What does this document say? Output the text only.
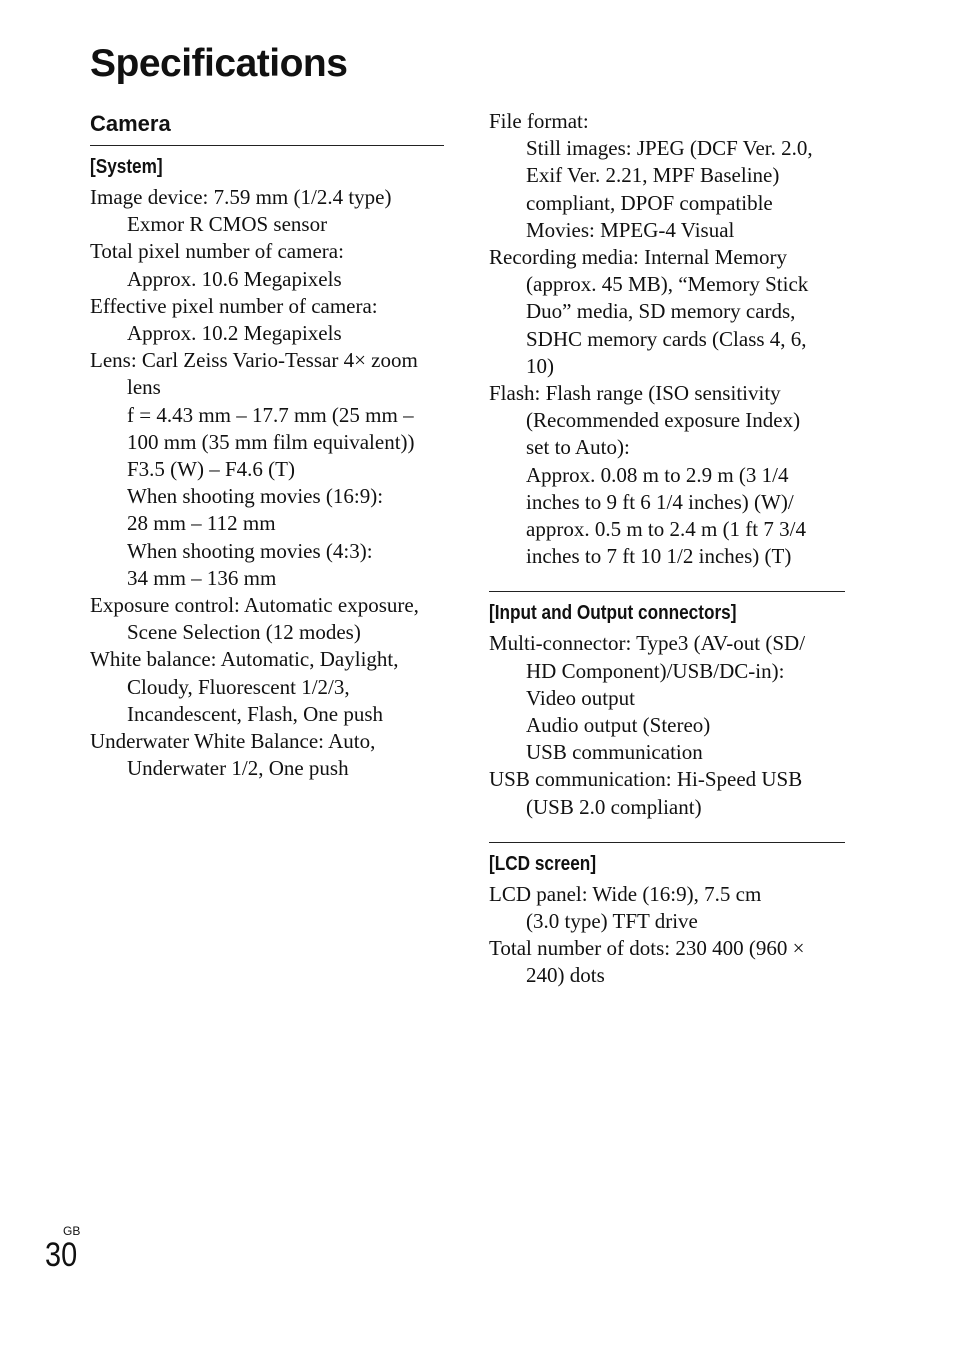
Specifications
Camera
[System]
Image device: 7.59 mm (1/2.4 type)
Exmor R CMOS sensor
Total pixel number of camera:
Approx. 10.6 Megapixels
Effective pixel number of camera:
Approx. 10.2 Megapixels
Lens: Carl Zeiss Vario-Tessar 4× zoom
lens
f = 4.43 mm – 17.7 mm (25 mm –
100 mm (35 mm film equivalent))
F3.5 (W) – F4.6 (T)
When shooting movies (16:9):
28 mm – 112 mm
When shooting movies (4:3):
34 mm – 136 mm
Exposure control: Automatic exposure,
Scene Selection (12 modes)
White balance: Automatic, Daylight,
Cloudy, Fluorescent 1/2/3,
Incandescent, Flash, One push
Underwater White Balance: Auto,
Underwater 1/2, One push
File format:
Still images: JPEG (DCF Ver. 2.0,
Exif Ver. 2.21, MPF Baseline)
compliant, DPOF compatible
Movies: MPEG-4 Visual
Recording media: Internal Memory
(approx. 45 MB), “Memory Stick
Duo” media, SD memory cards,
SDHC memory cards (Class 4, 6,
10)
Flash: Flash range (ISO sensitivity
(Recommended exposure Index)
set to Auto):
Approx. 0.08 m to 2.9 m (3 1/4
inches to 9 ft 6 1/4 inches) (W)/
approx. 0.5 m to 2.4 m (1 ft 7 3/4
inches to 7 ft 10 1/2 inches) (T)
[Input and Output connectors]
Multi-connector: Type3 (AV-out (SD/
HD Component)/USB/DC-in):
Video output
Audio output (Stereo)
USB communication
USB communication: Hi-Speed USB
(USB 2.0 compliant)
[LCD screen]
LCD panel: Wide (16:9), 7.5 cm
(3.0 type) TFT drive
Total number of dots: 230 400 (960 ×
240) dots
GB
30
